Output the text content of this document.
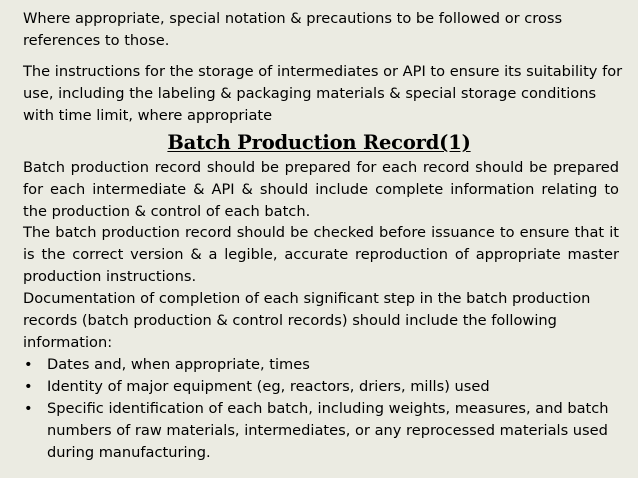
Where appropriate, special notation & precautions to be followed or cross references to those.

The instructions for the storage of intermediates or API to ensure its suitability for use, including the labeling & packaging materials & special storage conditions with time limit, where appropriate

Batch Production Record(1)

Batch production record should be prepared for each record should be prepared for each intermediate & API & should include complete information relating to the production & control of each batch.

The batch production record should be checked before issuance to ensure that it is the correct version & a legible, accurate reproduction of appropriate master production instructions.

Documentation of completion of each significant step in the batch production records (batch production & control records) should include the following information:

• Dates and, when appropriate, times
• Identity of major equipment (eg, reactors, driers, mills) used
• Specific identification of each batch, including weights, measures, and batch numbers of raw materials, intermediates, or any reprocessed materials used during manufacturing.
